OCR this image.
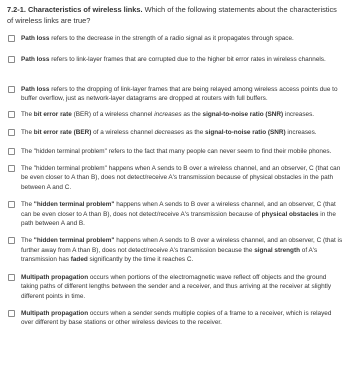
7.2-1. Characteristics of wireless links. Which of the following statements about the characteristics of wireless links are true?

Path loss refers to the decrease in the strength of a radio signal as it propagates through space.
Path loss refers to link-layer frames that are corrupted due to the higher bit error rates in wireless channels.
Path loss refers to the dropping of link-layer frames that are being relayed among wireless access points due to buffer overflow, just as network-layer datagrams are dropped at routers with full buffers.
The bit error rate (BER) of a wireless channel increases as the signal-to-noise ratio (SNR) increases.
The bit error rate (BER) of a wireless channel decreases as the signal-to-noise ratio (SNR) increases.
The "hidden terminal problem" refers to the fact that many people can never seem to find their mobile phones.
The "hidden terminal problem" happens when A sends to B over a wireless channel, and an observer, C (that can be even closer to A than B), does not detect/receive A's transmission because of physical obstacles in the path between A and C.
The "hidden terminal problem" happens when A sends to B over a wireless channel, and an observer, C (that can be even closer to A than B), does not detect/receive A's transmission because of physical obstacles in the path between A and B.
The "hidden terminal problem" happens when A sends to B over a wireless channel, and an observer, C (that is further away from A than B), does not detect/receive A's transmission because the signal strength of A's transmission has faded significantly by the time it reaches C.
Multipath propagation occurs when portions of the electromagnetic wave reflect off objects and the ground taking paths of different lengths between the sender and a receiver, and thus arriving at the receiver at slightly different points in time.
Multipath propagation occurs when a sender sends multiple copies of a frame to a receiver, which is relayed over different by base stations or other wireless devices to the receiver.
